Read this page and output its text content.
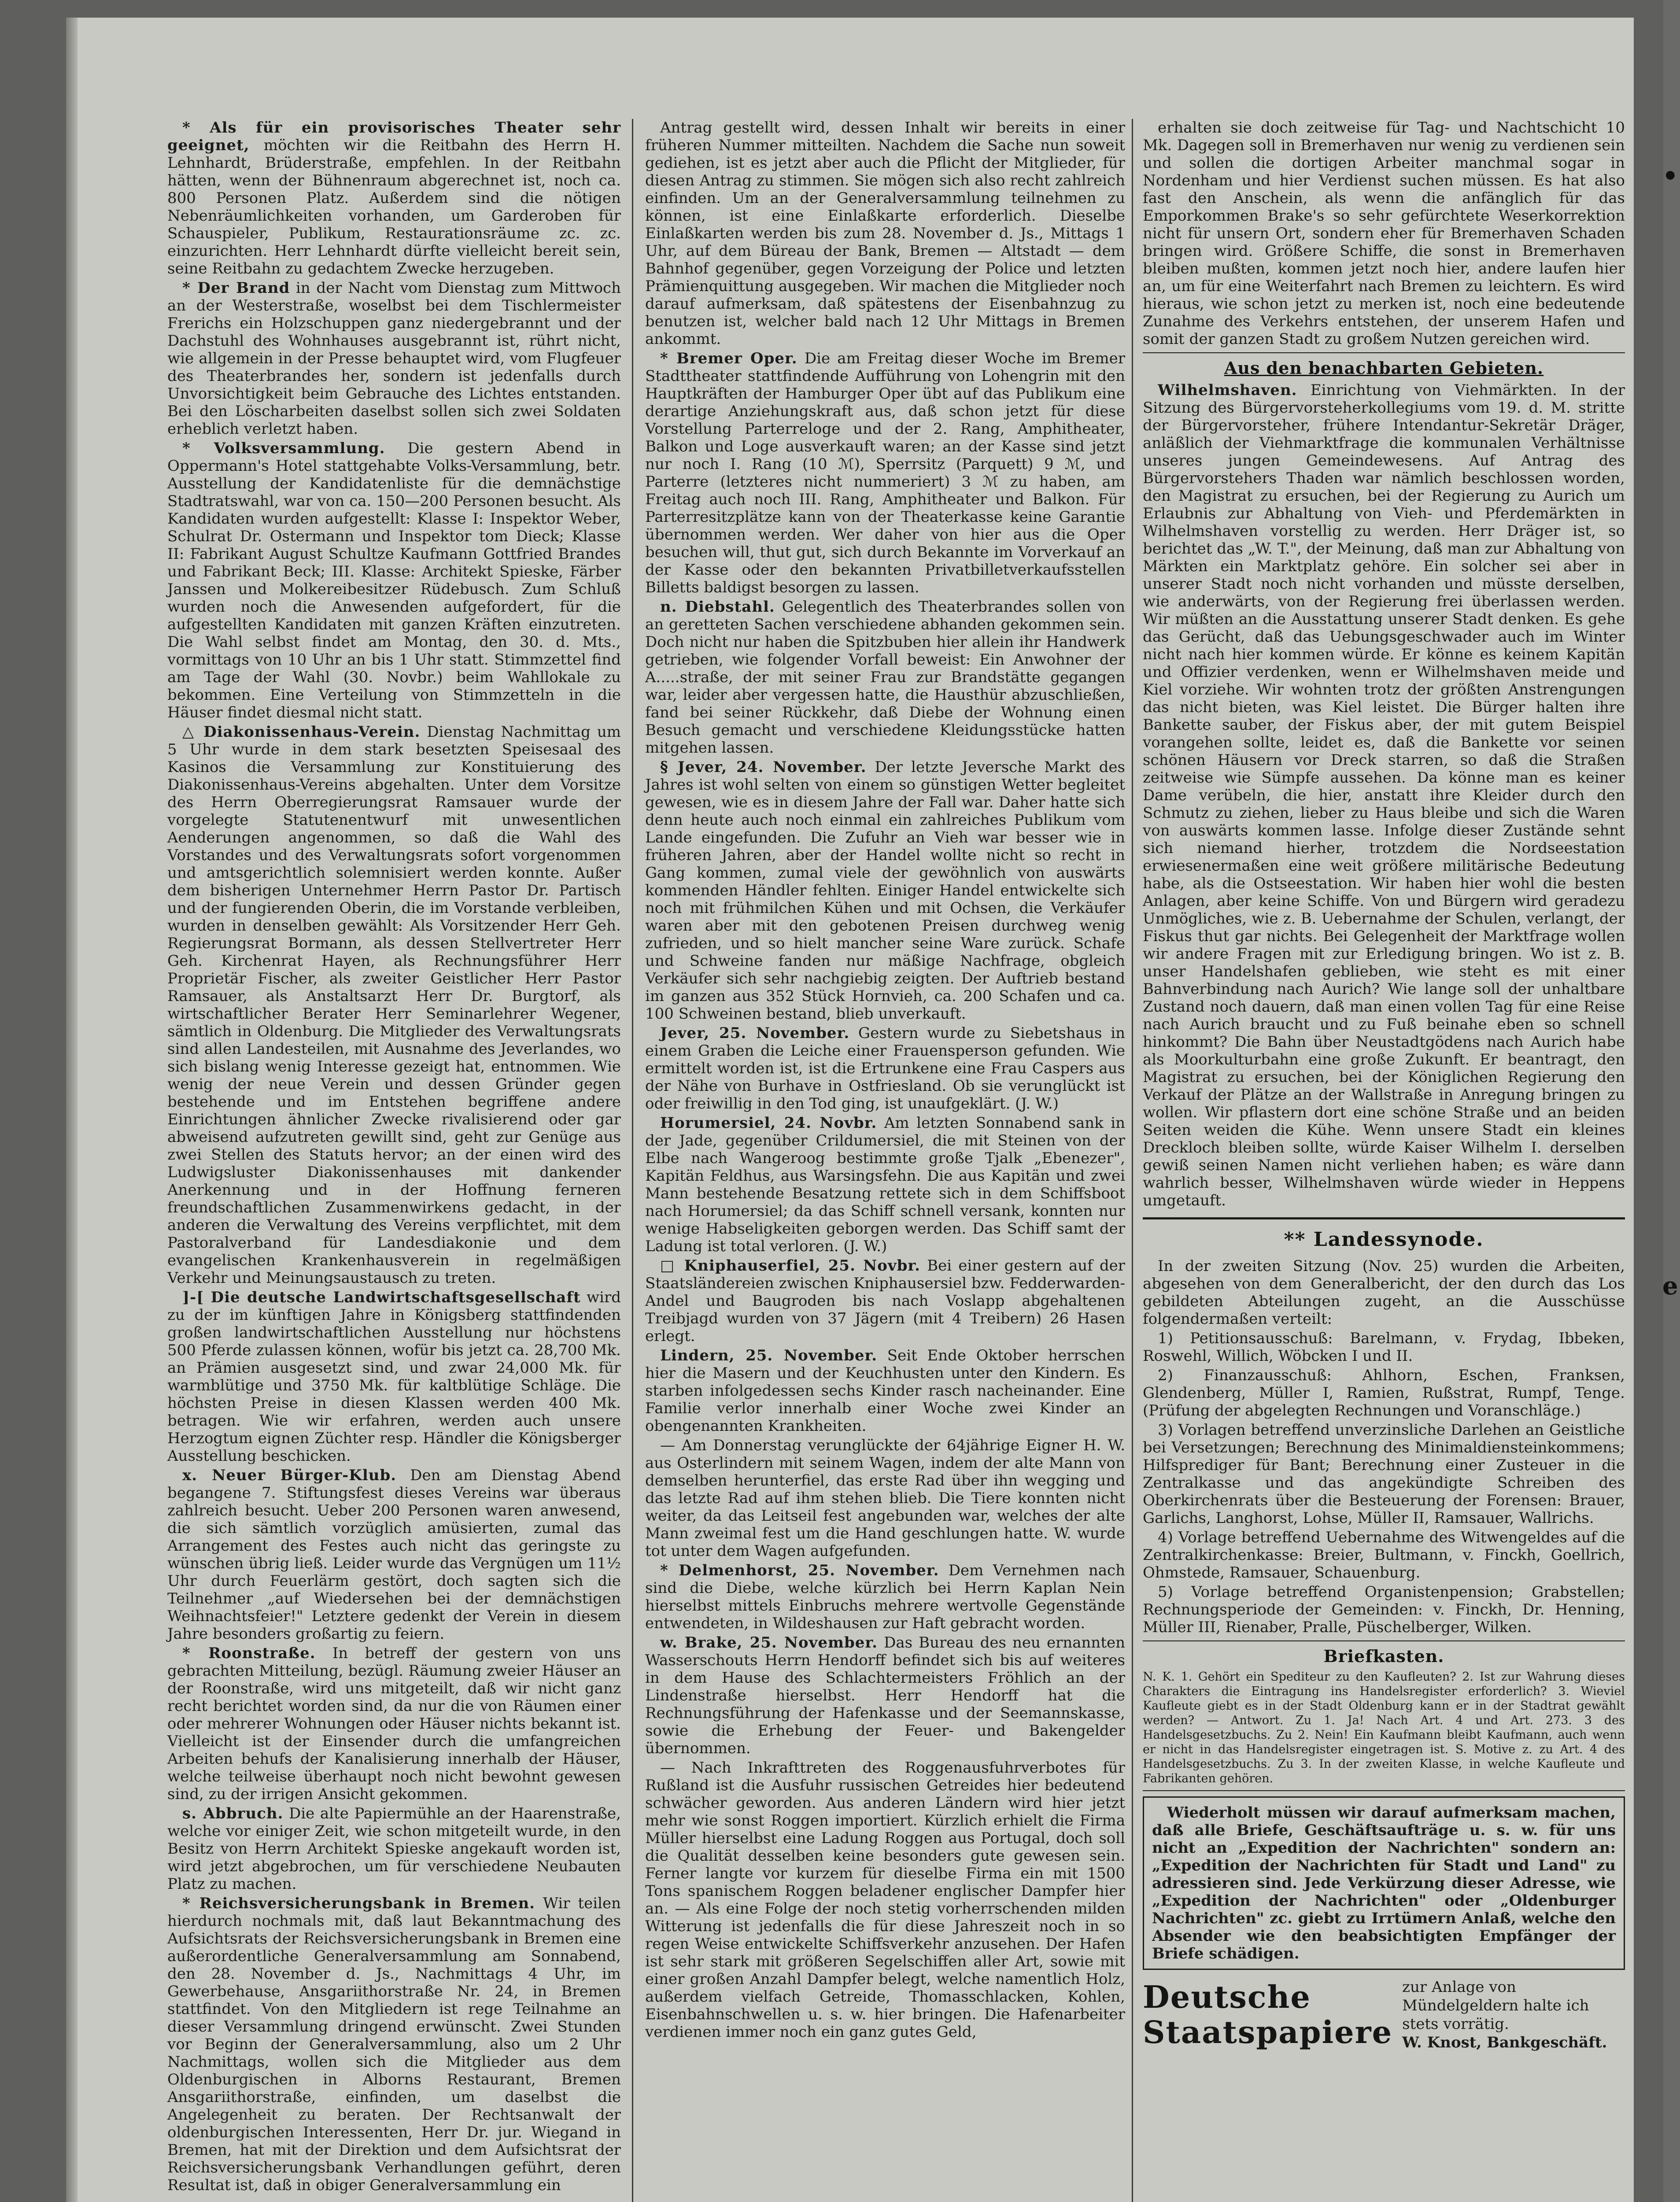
* Als für ein provisorisches Theater sehr geeignet, möchten wir die Reitbahn des Herrn H. Lehnhardt, Brüderstraße, empfehlen. In der Reitbahn hätten, wenn der Bühnenraum abgerechnet ist, noch ca. 800 Personen Platz. Außerdem sind die nötigen Nebenräumlichkeiten vorhanden, um Garderoben für Schauspieler, Publikum, Restaurationsräume zc. zc. einzurichten. Herr Lehnhardt dürfte vielleicht bereit sein, seine Reitbahn zu gedachtem Zwecke herzugeben.

* Der Brand in der Nacht vom Dienstag zum Mittwoch an der Westerstraße, woselbst bei dem Tischlermeister Frerichs ein Holzschuppen ganz niedergebrannt und der Dachstuhl des Wohnhauses ausgebrannt ist, rührt nicht, wie allgemein in der Presse behauptet wird, vom Flugfeuer des Theaterbrandes her, sondern ist jedenfalls durch Unvorsichtigkeit beim Gebrauche des Lichtes entstanden. Bei den Löscharbeiten daselbst sollen sich zwei Soldaten erheblich verletzt haben.

* Volksversammlung. Die gestern Abend in Oppermann's Hotel stattgehabte Volks-Versammlung, betr. Ausstellung der Kandidatenliste für die demnächstige Stadtratswahl, war von ca. 150—200 Personen besucht. Als Kandidaten wurden aufgestellt: Klasse I: Inspektor Weber, Schulrat Dr. Ostermann und Inspektor tom Dieck; Klasse II: Fabrikant August Schultze Kaufmann Gottfried Brandes und Fabrikant Beck; III. Klasse: Architekt Spieske, Färber Janssen und Molkereibesitzer Rüdebusch. Zum Schluß wurden noch die Anwesenden aufgefordert, für die aufgestellten Kandidaten mit ganzen Kräften einzutreten. Die Wahl selbst findet am Montag, den 30. d. Mts., vormittags von 10 Uhr an bis 1 Uhr statt. Stimmzettel find am Tage der Wahl (30. Novbr.) beim Wahllokale zu bekommen. Eine Verteilung von Stimmzetteln in die Häuser findet diesmal nicht statt.

△ Diakonissenhaus-Verein. Dienstag Nachmittag um 5 Uhr wurde in dem stark besetzten Speisesaal des Kasinos die Versammlung zur Konstituierung des Diakonissenhaus-Vereins abgehalten. Unter dem Vorsitze des Herrn Oberregierungsrat Ramsauer wurde der vorgelegte Statutenentwurf mit unwesentlichen Aenderungen angenommen, so daß die Wahl des Vorstandes und des Verwaltungsrats sofort vorgenommen und amtsgerichtlich solemnisiert werden konnte. Außer dem bisherigen Unternehmer Herrn Pastor Dr. Partisch und der fungierenden Oberin, die im Vorstande verbleiben, wurden in denselben gewählt: Als Vorsitzender Herr Geh. Regierungsrat Bormann, als dessen Stellvertreter Herr Geh. Kirchenrat Hayen, als Rechnungsführer Herr Proprietär Fischer, als zweiter Geistlicher Herr Pastor Ramsauer, als Anstaltsarzt Herr Dr. Burgtorf, als wirtschaftlicher Berater Herr Seminarlehrer Wegener, sämtlich in Oldenburg. Die Mitglieder des Verwaltungsrats sind allen Landesteilen, mit Ausnahme des Jeverlandes, wo sich bislang wenig Interesse gezeigt hat, entnommen. Wie wenig der neue Verein und dessen Gründer gegen bestehende und im Entstehen begriffene andere Einrichtungen ähnlicher Zwecke rivalisierend oder gar abweisend aufzutreten gewillt sind, geht zur Genüge aus zwei Stellen des Statuts hervor; an der einen wird des Ludwigsluster Diakonissenhauses mit dankender Anerkennung und in der Hoffnung ferneren freundschaftlichen Zusammenwirkens gedacht, in der anderen die Verwaltung des Vereins verpflichtet, mit dem Pastoralverband für Landesdiakonie und dem evangelischen Krankenhausverein in regelmäßigen Verkehr und Meinungsaustausch zu treten.

]-[ Die deutsche Landwirtschaftsgesellschaft wird zu der im künftigen Jahre in Königsberg stattfindenden großen landwirtschaftlichen Ausstellung nur höchstens 500 Pferde zulassen können, wofür bis jetzt ca. 28,700 Mk. an Prämien ausgesetzt sind, und zwar 24,000 Mk. für warmblütige und 3750 Mk. für kaltblütige Schläge. Die höchsten Preise in diesen Klassen werden 400 Mk. betragen. Wie wir erfahren, werden auch unsere Herzogtum eignen Züchter resp. Händler die Königsberger Ausstellung beschicken.

x. Neuer Bürger-Klub. Den am Dienstag Abend begangene 7. Stiftungsfest dieses Vereins war überaus zahlreich besucht. Ueber 200 Personen waren anwesend, die sich sämtlich vorzüglich amüsierten, zumal das Arrangement des Festes auch nicht das geringste zu wünschen übrig ließ. Leider wurde das Vergnügen um 11½ Uhr durch Feuerlärm gestört, doch sagten sich die Teilnehmer „auf Wiedersehen bei der demnächstigen Weihnachtsfeier!" Letztere gedenkt der Verein in diesem Jahre besonders großartig zu feiern.

* Roonstraße. In betreff der gestern von uns gebrachten Mitteilung, bezügl. Räumung zweier Häuser an der Roonstraße, wird uns mitgeteilt, daß wir nicht ganz recht berichtet worden sind, da nur die von Räumen einer oder mehrerer Wohnungen oder Häuser nichts bekannt ist. Vielleicht ist der Einsender durch die umfangreichen Arbeiten behufs der Kanalisierung innerhalb der Häuser, welche teilweise überhaupt noch nicht bewohnt gewesen sind, zu der irrigen Ansicht gekommen.

s. Abbruch. Die alte Papiermühle an der Haarenstraße, welche vor einiger Zeit, wie schon mitgeteilt wurde, in den Besitz von Herrn Architekt Spieske angekauft worden ist, wird jetzt abgebrochen, um für verschiedene Neubauten Platz zu machen.

* Reichsversicherungsbank in Bremen. Wir teilen hierdurch nochmals mit, daß laut Bekanntmachung des Aufsichtsrats der Reichsversicherungsbank in Bremen eine außerordentliche Generalversammlung am Sonnabend, den 28. November d. Js., Nachmittags 4 Uhr, im Gewerbehause, Ansgariithorstraße Nr. 24, in Bremen stattfindet. Von den Mitgliedern ist rege Teilnahme an dieser Versammlung dringend erwünscht. Zwei Stunden vor Beginn der Generalversammlung, also um 2 Uhr Nachmittags, wollen sich die Mitglieder aus dem Oldenburgischen in Alborns Restaurant, Bremen Ansgariithorstraße, einfinden, um daselbst die Angelegenheit zu beraten. Der Rechtsanwalt der oldenburgischen Interessenten, Herr Dr. jur. Wiegand in Bremen, hat mit der Direktion und dem Aufsichtsrat der Reichsversicherungsbank Verhandlungen geführt, deren Resultat ist, daß in obiger Generalversammlung ein

Antrag gestellt wird, dessen Inhalt wir bereits in einer früheren Nummer mitteilten. Nachdem die Sache nun soweit gediehen, ist es jetzt aber auch die Pflicht der Mitglieder, für diesen Antrag zu stimmen. Sie mögen sich also recht zahlreich einfinden. Um an der Generalversammlung teilnehmen zu können, ist eine Einlaßkarte erforderlich. Dieselbe Einlaßkarten werden bis zum 28. November d. Js., Mittags 1 Uhr, auf dem Büreau der Bank, Bremen — Altstadt — dem Bahnhof gegenüber, gegen Vorzeigung der Police und letzten Prämienquittung ausgegeben. Wir machen die Mitglieder noch darauf aufmerksam, daß spätestens der Eisenbahnzug zu benutzen ist, welcher bald nach 12 Uhr Mittags in Bremen ankommt.

* Bremer Oper. Die am Freitag dieser Woche im Bremer Stadttheater stattfindende Aufführung von Lohengrin mit den Hauptkräften der Hamburger Oper übt auf das Publikum eine derartige Anziehungskraft aus, daß schon jetzt für diese Vorstellung Parterreloge und der 2. Rang, Amphitheater, Balkon und Loge ausverkauft waren; an der Kasse sind jetzt nur noch I. Rang (10 ℳ), Sperrsitz (Parquett) 9 ℳ, und Parterre (letzteres nicht nummeriert) 3 ℳ zu haben, am Freitag auch noch III. Rang, Amphitheater und Balkon. Für Parterresitzplätze kann von der Theaterkasse keine Garantie übernommen werden. Wer daher von hier aus die Oper besuchen will, thut gut, sich durch Bekannte im Vorverkauf an der Kasse oder den bekannten Privatbilletverkaufsstellen Billetts baldigst besorgen zu lassen.

n. Diebstahl. Gelegentlich des Theaterbrandes sollen von an geretteten Sachen verschiedene abhanden gekommen sein. Doch nicht nur haben die Spitzbuben hier allein ihr Handwerk getrieben, wie folgender Vorfall beweist: Ein Anwohner der A.....straße, der mit seiner Frau zur Brandstätte gegangen war, leider aber vergessen hatte, die Hausthür abzuschließen, fand bei seiner Rückkehr, daß Diebe der Wohnung einen Besuch gemacht und verschiedene Kleidungsstücke hatten mitgehen lassen.

§ Jever, 24. November. Der letzte Jeversche Markt des Jahres ist wohl selten von einem so günstigen Wetter begleitet gewesen, wie es in diesem Jahre der Fall war. Daher hatte sich denn heute auch noch einmal ein zahlreiches Publikum vom Lande eingefunden. Die Zufuhr an Vieh war besser wie in früheren Jahren, aber der Handel wollte nicht so recht in Gang kommen, zumal viele der gewöhnlich von auswärts kommenden Händler fehlten. Einiger Handel entwickelte sich noch mit frühmilchen Kühen und mit Ochsen, die Verkäufer waren aber mit den gebotenen Preisen durchweg wenig zufrieden, und so hielt mancher seine Ware zurück. Schafe und Schweine fanden nur mäßige Nachfrage, obgleich Verkäufer sich sehr nachgiebig zeigten. Der Auftrieb bestand im ganzen aus 352 Stück Hornvieh, ca. 200 Schafen und ca. 100 Schweinen bestand, blieb unverkauft.

Jever, 25. November. Gestern wurde zu Siebetshaus in einem Graben die Leiche einer Frauensperson gefunden. Wie ermittelt worden ist, ist die Ertrunkene eine Frau Caspers aus der Nähe von Burhave in Ostfriesland. Ob sie verunglückt ist oder freiwillig in den Tod ging, ist unaufgeklärt. (J. W.)

Horumersiel, 24. Novbr. Am letzten Sonnabend sank in der Jade, gegenüber Crildumersiel, die mit Steinen von der Elbe nach Wangeroog bestimmte große Tjalk „Ebenezer", Kapitän Feldhus, aus Warsingsfehn. Die aus Kapitän und zwei Mann bestehende Besatzung rettete sich in dem Schiffsboot nach Horumersiel; da das Schiff schnell versank, konnten nur wenige Habseligkeiten geborgen werden. Das Schiff samt der Ladung ist total verloren. (J. W.)

□ Kniphauserfiel, 25. Novbr. Bei einer gestern auf der Staatsländereien zwischen Kniphausersiel bzw. Fedderwarden-Andel und Baugroden bis nach Voslapp abgehaltenen Treibjagd wurden von 37 Jägern (mit 4 Treibern) 26 Hasen erlegt.

Lindern, 25. November. Seit Ende Oktober herrschen hier die Masern und der Keuchhusten unter den Kindern. Es starben infolgedessen sechs Kinder rasch nacheinander. Eine Familie verlor innerhalb einer Woche zwei Kinder an obengenannten Krankheiten.

— Am Donnerstag verunglückte der 64jährige Eigner H. W. aus Osterlindern mit seinem Wagen, indem der alte Mann von demselben herunterfiel, das erste Rad über ihn wegging und das letzte Rad auf ihm stehen blieb. Die Tiere konnten nicht weiter, da das Leitseil fest angebunden war, welches der alte Mann zweimal fest um die Hand geschlungen hatte. W. wurde tot unter dem Wagen aufgefunden.

* Delmenhorst, 25. November. Dem Vernehmen nach sind die Diebe, welche kürzlich bei Herrn Kaplan Nein hierselbst mittels Einbruchs mehrere wertvolle Gegenstände entwendeten, in Wildeshausen zur Haft gebracht worden.

w. Brake, 25. November. Das Bureau des neu ernannten Wasserschouts Herrn Hendorff befindet sich bis auf weiteres in dem Hause des Schlachtermeisters Fröhlich an der Lindenstraße hierselbst. Herr Hendorff hat die Rechnungsführung der Hafenkasse und der Seemannskasse, sowie die Erhebung der Feuer- und Bakengelder übernommen.

— Nach Inkrafttreten des Roggenausfuhrverbotes für Rußland ist die Ausfuhr russischen Getreides hier bedeutend schwächer geworden. Aus anderen Ländern wird hier jetzt mehr wie sonst Roggen importiert. Kürzlich erhielt die Firma Müller hierselbst eine Ladung Roggen aus Portugal, doch soll die Qualität desselben keine besonders gute gewesen sein. Ferner langte vor kurzem für dieselbe Firma ein mit 1500 Tons spanischem Roggen beladener englischer Dampfer hier an. — Als eine Folge der noch stetig vorherrschenden milden Witterung ist jedenfalls die für diese Jahreszeit noch in so regen Weise entwickelte Schiffsverkehr anzusehen. Der Hafen ist sehr stark mit größeren Segelschiffen aller Art, sowie mit einer großen Anzahl Dampfer belegt, welche namentlich Holz, außerdem vielfach Getreide, Thomasschlacken, Kohlen, Eisenbahnschwellen u. s. w. hier bringen. Die Hafenarbeiter verdienen immer noch ein ganz gutes Geld,

erhalten sie doch zeitweise für Tag- und Nachtschicht 10 Mk. Dagegen soll in Bremerhaven nur wenig zu verdienen sein und sollen die dortigen Arbeiter manchmal sogar in Nordenham und hier Verdienst suchen müssen. Es hat also fast den Anschein, als wenn die anfänglich für das Emporkommen Brake's so sehr gefürchtete Weserkorrektion nicht für unsern Ort, sondern eher für Bremerhaven Schaden bringen wird. Größere Schiffe, die sonst in Bremerhaven bleiben mußten, kommen jetzt noch hier, andere laufen hier an, um für eine Weiterfahrt nach Bremen zu leichtern. Es wird hieraus, wie schon jetzt zu merken ist, noch eine bedeutende Zunahme des Verkehrs entstehen, der unserem Hafen und somit der ganzen Stadt zu großem Nutzen gereichen wird.

Aus den benachbarten Gebieten.

Wilhelmshaven. Einrichtung von Viehmärkten. In der Sitzung des Bürgervorsteherkollegiums vom 19. d. M. stritte der Bürgervorsteher, frühere Intendantur-Sekretär Dräger, anläßlich der Viehmarktfrage die kommunalen Verhältnisse unseres jungen Gemeindewesens. Auf Antrag des Bürgervorstehers Thaden war nämlich beschlossen worden, den Magistrat zu ersuchen, bei der Regierung zu Aurich um Erlaubnis zur Abhaltung von Vieh- und Pferdemärkten in Wilhelmshaven vorstellig zu werden. Herr Dräger ist, so berichtet das „W. T.", der Meinung, daß man zur Abhaltung von Märkten ein Marktplatz gehöre. Ein solcher sei aber in unserer Stadt noch nicht vorhanden und müsste derselben, wie anderwärts, von der Regierung frei überlassen werden. Wir müßten an die Ausstattung unserer Stadt denken. Es gehe das Gerücht, daß das Uebungsgeschwader auch im Winter nicht nach hier kommen würde. Er könne es keinem Kapitän und Offizier verdenken, wenn er Wilhelmshaven meide und Kiel vorziehe. Wir wohnten trotz der größten Anstrengungen das nicht bieten, was Kiel leistet. Die Bürger halten ihre Bankette sauber, der Fiskus aber, der mit gutem Beispiel vorangehen sollte, leidet es, daß die Bankette vor seinen schönen Häusern vor Dreck starren, so daß die Straßen zeitweise wie Sümpfe aussehen. Da könne man es keiner Dame verübeln, die hier, anstatt ihre Kleider durch den Schmutz zu ziehen, lieber zu Haus bleibe und sich die Waren von auswärts kommen lasse. Infolge dieser Zustände sehnt sich niemand hierher, trotzdem die Nordseestation erwiesenermaßen eine weit größere militärische Bedeutung habe, als die Ostseestation. Wir haben hier wohl die besten Anlagen, aber keine Schiffe. Von und Bürgern wird geradezu Unmögliches, wie z. B. Uebernahme der Schulen, verlangt, der Fiskus thut gar nichts. Bei Gelegenheit der Marktfrage wollen wir andere Fragen mit zur Erledigung bringen. Wo ist z. B. unser Handelshafen geblieben, wie steht es mit einer Bahnverbindung nach Aurich? Wie lange soll der unhaltbare Zustand noch dauern, daß man einen vollen Tag für eine Reise nach Aurich braucht und zu Fuß beinahe eben so schnell hinkommt? Die Bahn über Neustadtgödens nach Aurich habe als Moorkulturbahn eine große Zukunft. Er beantragt, den Magistrat zu ersuchen, bei der Königlichen Regierung den Verkauf der Plätze an der Wallstraße in Anregung bringen zu wollen. Wir pflastern dort eine schöne Straße und an beiden Seiten weiden die Kühe. Wenn unsere Stadt ein kleines Dreckloch bleiben sollte, würde Kaiser Wilhelm I. derselben gewiß seinen Namen nicht verliehen haben; es wäre dann wahrlich besser, Wilhelmshaven würde wieder in Heppens umgetauft.

** Landessynode.

In der zweiten Sitzung (Nov. 25) wurden die Arbeiten, abgesehen von dem Generalbericht, der den durch das Los gebildeten Abteilungen zugeht, an die Ausschüsse folgendermaßen verteilt:

1) Petitionsausschuß: Barelmann, v. Frydag, Ibbeken, Roswehl, Willich, Wöbcken I und II.

2) Finanzausschuß: Ahlhorn, Eschen, Franksen, Glendenberg, Müller I, Ramien, Rußstrat, Rumpf, Tenge. (Prüfung der abgelegten Rechnungen und Voranschläge.)

3) Vorlagen betreffend unverzinsliche Darlehen an Geistliche bei Versetzungen; Berechnung des Minimaldiensteinkommens; Hilfsprediger für Bant; Berechnung einer Zusteuer in die Zentralkasse und das angekündigte Schreiben des Oberkirchenrats über die Besteuerung der Forensen: Brauer, Garlichs, Langhorst, Lohse, Müller II, Ramsauer, Wallrichs.

4) Vorlage betreffend Uebernahme des Witwengeldes auf die Zentralkirchenkasse: Breier, Bultmann, v. Finckh, Goellrich, Ohmstede, Ramsauer, Schauenburg.

5) Vorlage betreffend Organistenpension; Grabstellen; Rechnungsperiode der Gemeinden: v. Finckh, Dr. Henning, Müller III, Rienaber, Pralle, Püschelberger, Wilken.

Briefkasten.

N. K. 1. Gehört ein Spediteur zu den Kaufleuten? 2. Ist zur Wahrung dieses Charakters die Eintragung ins Handelsregister erforderlich? 3. Wieviel Kaufleute giebt es in der Stadt Oldenburg kann er in der Stadtrat gewählt werden? — Antwort. Zu 1. Ja! Nach Art. 4 und Art. 273. 3 des Handelsgesetzbuchs. Zu 2. Nein! Ein Kaufmann bleibt Kaufmann, auch wenn er nicht in das Handelsregister eingetragen ist. S. Motive z. zu Art. 4 des Handelsgesetzbuchs. Zu 3. In der zweiten Klasse, in welche Kaufleute und Fabrikanten gehören.

Wiederholt müssen wir darauf aufmerksam machen, daß alle Briefe, Geschäftsaufträge u. s. w. für uns nicht an „Expedition der Nachrichten" sondern an: „Expedition der Nachrichten für Stadt und Land" zu adressieren sind. Jede Verkürzung dieser Adresse, wie „Expedition der Nachrichten" oder „Oldenburger Nachrichten" zc. giebt zu Irrtümern Anlaß, welche den Absender wie den beabsichtigten Empfänger der Briefe schädigen.

Deutsche Staatspapiere
zur Anlage von Mündelgeldern halte ich stets vorrätig.
W. Knost, Bankgeschäft.
•
e
